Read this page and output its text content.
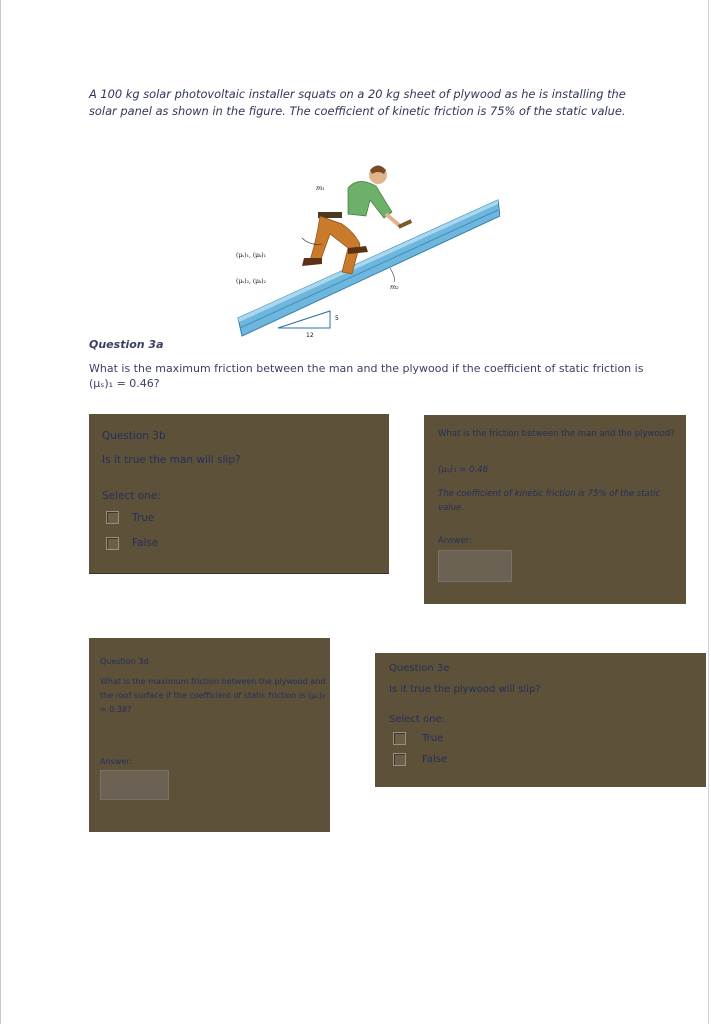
A 100 kg solar photovoltaic installer squats on a 20 kg sheet of plywood as he is installing the solar panel as shown in the figure. The coefficient of kinetic friction is 75% of the static value.

5
12
m₁
m₂
(μₛ)₁, (μₖ)₁
(μₛ)₂, (μₖ)₂

Question 3a

What is the maximum friction between the man and the plywood if the coefficient of static friction is (μₛ)₁ = 0.46?

Question 3b
Is it true the man will slip?
Select one:
True
False
What is the friction between the man and the plywood?
(μₛ)₁ = 0.46
The coefficient of kinetic friction is 75% of the static value.
Answer:
Question 3d
What is the maximum friction between the plywood and the roof surface if the coefficient of static friction is (μₛ)₂ = 0.38?
Answer:
Question 3e
Is it true the plywood will slip?
Select one:
True
False
